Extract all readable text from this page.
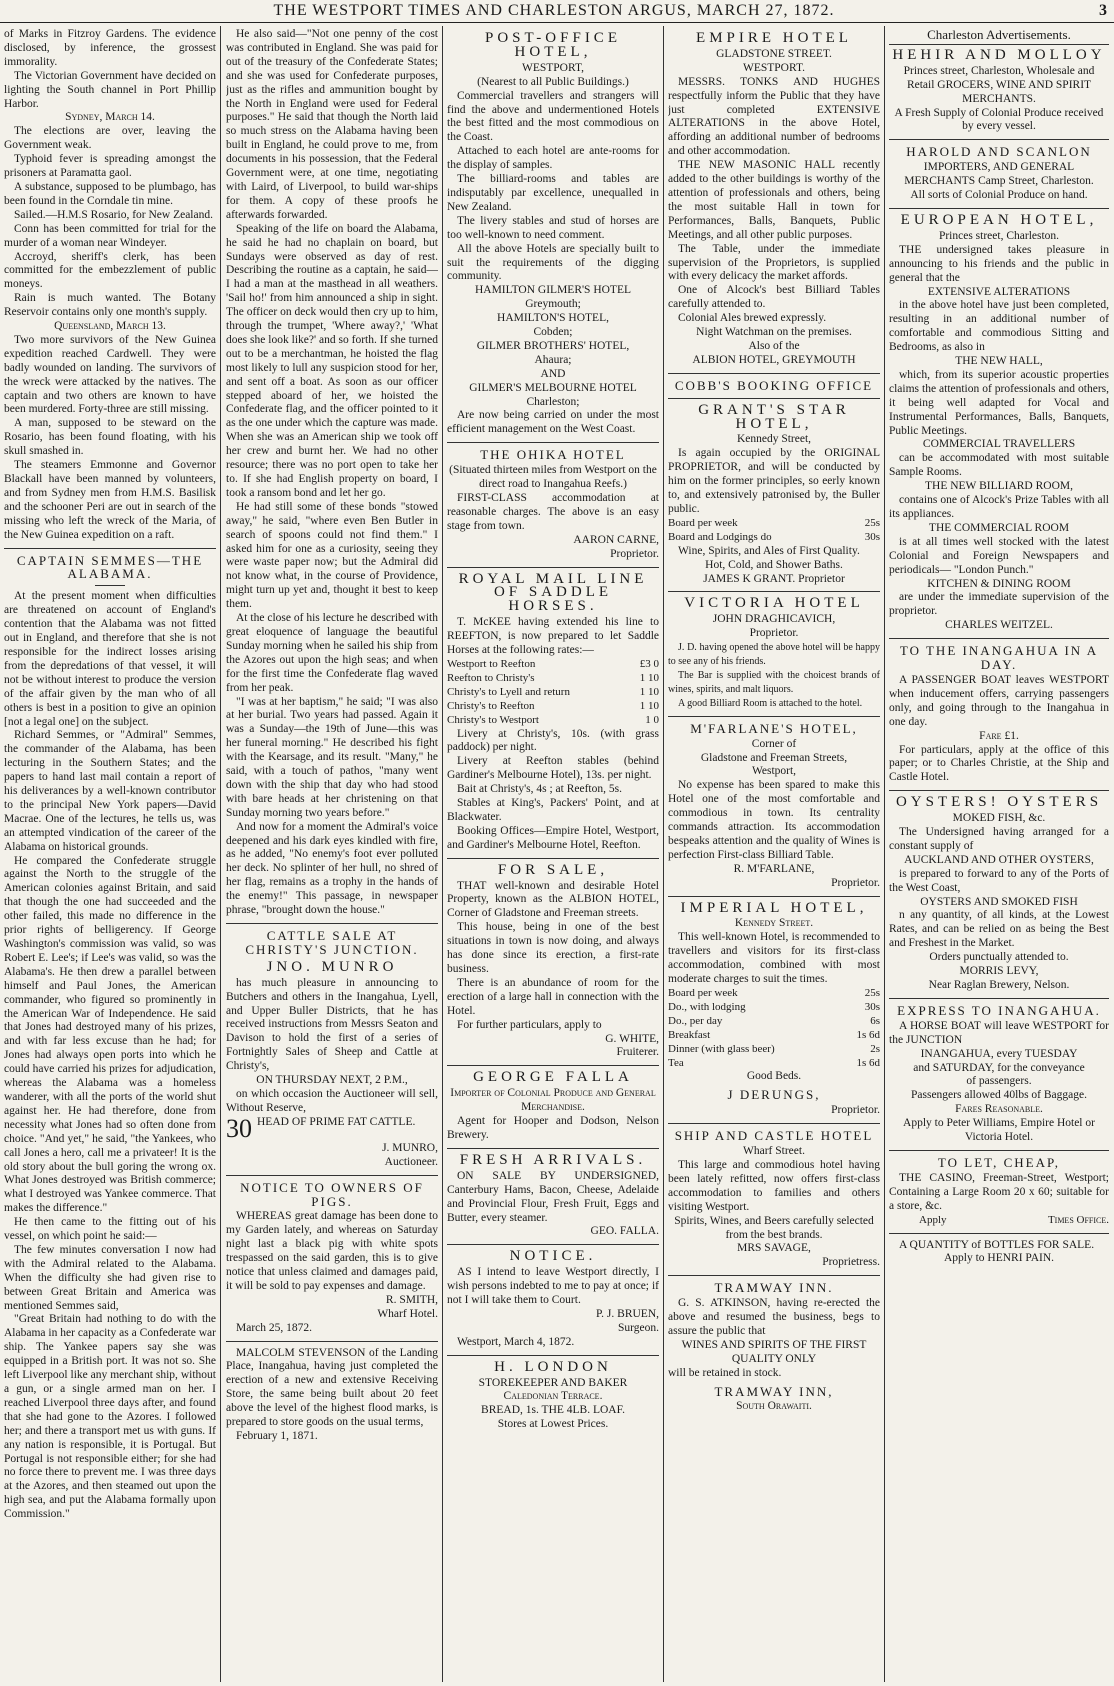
THE WESTPORT TIMES AND CHARLESTON ARGUS, MARCH 27, 1872.	3

of Marks in Fitzroy Gardens. The evidence disclosed, by inference, the grossest immorality.

The Victorian Government have decided on lighting the South channel in Port Phillip Harbor.

Sydney, March 14.

The elections are over, leaving the Government weak.

Typhoid fever is spreading amongst the prisoners at Paramatta gaol.

A substance, supposed to be plumbago, has been found in the Corndale tin mine.

Sailed.—H.M.S Rosario, for New Zealand.

Conn has been committed for trial for the murder of a woman near Windeyer.

Accroyd, sheriff's clerk, has been committed for the embezzlement of public moneys.

Rain is much wanted. The Botany Reservoir contains only one month's supply.

Queensland, March 13.

Two more survivors of the New Guinea expedition reached Cardwell. They were badly wounded on landing. The survivors of the wreck were attacked by the natives. The captain and two others are known to have been murdered. Forty-three are still missing.

A man, supposed to be steward on the Rosario, has been found floating, with his skull smashed in.

The steamers Emmonne and Governor Blackall have been manned by volunteers, and from Sydney men from H.M.S. Basilisk and the schooner Peri are out in search of the missing who left the wreck of the Maria, of the New Guinea expedition on a raft.

CAPTAIN SEMMES—THE ALABAMA.

At the present moment when difficulties are threatened on account of England's contention that the Alabama was not fitted out in England, and therefore that she is not responsible for the indirect losses arising from the depredations of that vessel, it will not be without interest to produce the version of the affair given by the man who of all others is best in a position to give an opinion [not a legal one] on the subject.

Richard Semmes, or "Admiral" Semmes, the commander of the Alabama, has been lecturing in the Southern States; and the papers to hand last mail contain a report of his deliverances by a well-known contributor to the principal New York papers—David Macrae. One of the lectures, he tells us, was an attempted vindication of the career of the Alabama on historical grounds.

He compared the Confederate struggle against the North to the struggle of the American colonies against Britain, and said that though the one had succeeded and the other failed, this made no difference in the prior rights of belligerency. If George Washington's commission was valid, so was Robert E. Lee's; if Lee's was valid, so was the Alabama's. He then drew a parallel between himself and Paul Jones, the American commander, who figured so prominently in the American War of Independence. He said that Jones had destroyed many of his prizes, and with far less excuse than he had; for Jones had always open ports into which he could have carried his prizes for adjudication, whereas the Alabama was a homeless wanderer, with all the ports of the world shut against her. He had therefore, done from necessity what Jones had so often done from choice. "And yet," he said, "the Yankees, who call Jones a hero, call me a privateer! It is the old story about the bull goring the wrong ox. What Jones destroyed was British commerce; what I destroyed was Yankee commerce. That makes the difference."

He then came to the fitting out of his vessel, on which point he said:—

The few minutes conversation I now had with the Admiral related to the Alabama. When the difficulty she had given rise to between Great Britain and America was mentioned Semmes said,

"Great Britain had nothing to do with the Alabama in her capacity as a Confederate war ship. The Yankee papers say she was equipped in a British port. It was not so. She left Liverpool like any merchant ship, without a gun, or a single armed man on her. I reached Liverpool three days after, and found that she had gone to the Azores. I followed her; and there a transport met us with guns. If any nation is responsible, it is Portugal. But Portugal is not responsible either; for she had no force there to prevent me. I was three days at the Azores, and then steamed out upon the high sea, and put the Alabama formally upon Commission."

He also said—"Not one penny of the cost was contributed in England. She was paid for out of the treasury of the Confederate States; and she was used for Confederate purposes, just as the rifles and ammunition bought by the North in England were used for Federal purposes." He said that though the North laid so much stress on the Alabama having been built in England, he could prove to me, from documents in his possession, that the Federal Government were, at one time, negotiating with Laird, of Liverpool, to build war-ships for them. A copy of these proofs he afterwards forwarded.

Speaking of the life on board the Alabama, he said he had no chaplain on board, but Sundays were observed as day of rest. Describing the routine as a captain, he said—I had a man at the masthead in all weathers. 'Sail ho!' from him announced a ship in sight. The officer on deck would then cry up to him, through the trumpet, 'Where away?,' 'What does she look like?' and so forth. If she turned out to be a merchantman, he hoisted the flag most likely to lull any suspicion stood for her, and sent off a boat. As soon as our officer stepped aboard of her, we hoisted the Confederate flag, and the officer pointed to it as the one under which the capture was made. When she was an American ship we took off her crew and burnt her. We had no other resource; there was no port open to take her to. If she had English property on board, I took a ransom bond and let her go.

He had still some of these bonds "stowed away," he said, "where even Ben Butler in search of spoons could not find them." I asked him for one as a curiosity, seeing they were waste paper now; but the Admiral did not know what, in the course of Providence, might turn up yet and, thought it best to keep them.

At the close of his lecture he described with great eloquence of language the beautiful Sunday morning when he sailed his ship from the Azores out upon the high seas; and when for the first time the Confederate flag waved from her peak.

"I was at her baptism," he said; "I was also at her burial. Two years had passed. Again it was a Sunday—the 19th of June—this was her funeral morning." He described his fight with the Kearsage, and its result. "Many," he said, with a touch of pathos, "many went down with the ship that day who had stood with bare heads at her christening on that Sunday morning two years before."

And now for a moment the Admiral's voice deepened and his dark eyes kindled with fire, as he added, "No enemy's foot ever polluted her deck. No splinter of her hull, no shred of her flag, remains as a trophy in the hands of the enemy!" This passage, in newspaper phrase, "brought down the house."

CATTLE SALE AT CHRISTY'S JUNCTION.

JNO. MUNRO

has much pleasure in announcing to Butchers and others in the Inangahua, Lyell, and Upper Buller Districts, that he has received instructions from Messrs Seaton and Davison to hold the first of a series of Fortnightly Sales of Sheep and Cattle at Christy's,

ON THURSDAY NEXT, 2 P.M.,

on which occasion the Auctioneer will sell, Without Reserve,

30 HEAD OF PRIME FAT CATTLE.

J. MUNRO,

Auctioneer.

NOTICE TO OWNERS OF PIGS.

WHEREAS great damage has been done to my Garden lately, and whereas on Saturday night last a black pig with white spots trespassed on the said garden, this is to give notice that unless claimed and damages paid, it will be sold to pay expenses and damage.

R. SMITH,

Wharf Hotel.

March 25, 1872.

MALCOLM STEVENSON of the Landing Place, Inangahua, having just completed the erection of a new and extensive Receiving Store, the same being built about 20 feet above the level of the highest flood marks, is prepared to store goods on the usual terms,

February 1, 1871.

POST-OFFICE HOTEL,

WESTPORT,

(Nearest to all Public Buildings.)

Commercial travellers and strangers will find the above and undermentioned Hotels the best fitted and the most commodious on the Coast.

Attached to each hotel are ante-rooms for the display of samples.

The billiard-rooms and tables are indisputably par excellence, unequalled in New Zealand.

The livery stables and stud of horses are too well-known to need comment.

All the above Hotels are specially built to suit the requirements of the digging community.

HAMILTON GILMER'S HOTEL

Greymouth;

HAMILTON'S HOTEL,

Cobden;

GILMER BROTHERS' HOTEL,

Ahaura;

AND

GILMER'S MELBOURNE HOTEL

Charleston;

Are now being carried on under the most efficient management on the West Coast.

THE OHIKA HOTEL

(Situated thirteen miles from Westport on the direct road to Inangahua Reefs.)

FIRST-CLASS accommodation at reasonable charges. The above is an easy stage from town.

AARON CARNE,

Proprietor.

ROYAL MAIL LINE OF SADDLE HORSES.

T. McKEE having extended his line to REEFTON, is now prepared to let Saddle Horses at the following rates:—

Westport to Reefton	£3 0
Reefton to Christy's	1 10
Christy's to Lyell and return	1 10
Christy's to Reefton	1 10
Christy's to Westport	1 0

Livery at Christy's, 10s. (with grass paddock) per night.

Livery at Reefton stables (behind Gardiner's Melbourne Hotel), 13s. per night.

Bait at Christy's, 4s ; at Reefton, 5s.

Stables at King's, Packers' Point, and at Blackwater.

Booking Offices—Empire Hotel, Westport, and Gardiner's Melbourne Hotel, Reefton.

FOR SALE,

THAT well-known and desirable Hotel Property, known as the ALBION HOTEL, Corner of Gladstone and Freeman streets.

This house, being in one of the best situations in town is now doing, and always has done since its erection, a first-rate business.

There is an abundance of room for the erection of a large hall in connection with the Hotel.

For further particulars, apply to

G. WHITE,

Fruiterer.

GEORGE FALLA

Importer of Colonial Produce and General Merchandise.

Agent for Hooper and Dodson, Nelson Brewery.

FRESH ARRIVALS.

ON SALE BY UNDERSIGNED, Canterbury Hams, Bacon, Cheese, Adelaide and Provincial Flour, Fresh Fruit, Eggs and Butter, every steamer.

GEO. FALLA.

NOTICE.

AS I intend to leave Westport directly, I wish persons indebted to me to pay at once; if not I will take them to Court.

P. J. BRUEN,

Surgeon.

Westport, March 4, 1872.

H. LONDON

STOREKEEPER AND BAKER

Caledonian Terrace.

BREAD, 1s. THE 4LB. LOAF.

Stores at Lowest Prices.

EMPIRE HOTEL

GLADSTONE STREET.

WESTPORT.

MESSRS. TONKS AND HUGHES respectfully inform the Public that they have just completed EXTENSIVE ALTERATIONS in the above Hotel, affording an additional number of bedrooms and other accommodation.

THE NEW MASONIC HALL recently added to the other buildings is worthy of the attention of professionals and others, being the most suitable Hall in town for Performances, Balls, Banquets, Public Meetings, and all other public purposes.

The Table, under the immediate supervision of the Proprietors, is supplied with every delicacy the market affords.

One of Alcock's best Billiard Tables carefully attended to.

Colonial Ales brewed expressly.

Night Watchman on the premises.

Also of the

ALBION HOTEL, GREYMOUTH

COBB'S BOOKING OFFICE

GRANT'S STAR HOTEL,

Kennedy Street,

Is again occupied by the ORIGINAL PROPRIETOR, and will be conducted by him on the former principles, so eerly known to, and extensively patronised by, the Buller public.

Board per week	25s
Board and Lodgings do	30s

Wine, Spirits, and Ales of First Quality.

Hot, Cold, and Shower Baths.

JAMES K GRANT. Proprietor

VICTORIA HOTEL

JOHN DRAGHICAVICH,

Proprietor.

J. D. having opened the above hotel will be happy to see any of his friends.

The Bar is supplied with the choicest brands of wines, spirits, and malt liquors.

A good Billiard Room is attached to the hotel.

M'FARLANE'S HOTEL,

Corner of

Gladstone and Freeman Streets,

Westport,

No expense has been spared to make this Hotel one of the most comfortable and commodious in town. Its centrality commands attraction. Its accommodation bespeaks attention and the quality of Wines is perfection First-class Billiard Table.

R. M'FARLANE,

Proprietor.

IMPERIAL HOTEL,

Kennedy Street.

This well-known Hotel, is recommended to travellers and visitors for its first-class accommodation, combined with most moderate charges to suit the times.

Board per week	25s
Do., with lodging	30s
Do., per day	6s
Breakfast	1s 6d
Dinner (with glass beer)	2s
Tea	1s 6d

Good Beds.

J DERUNGS,

Proprietor.

SHIP AND CASTLE HOTEL

Wharf Street.

This large and commodious hotel having been lately refitted, now offers first-class accommodation to families and others visiting Westport.

Spirits, Wines, and Beers carefully selected from the best brands.

MRS SAVAGE,

Proprietress.

TRAMWAY INN.

G. S. ATKINSON, having re-erected the above and resumed the business, begs to assure the public that

WINES AND SPIRITS OF THE FIRST QUALITY ONLY

will be retained in stock.

TRAMWAY INN,

South Orawaiti.

Charleston Advertisements.

HEHIR AND MOLLOY

Princes street, Charleston, Wholesale and Retail GROCERS, WINE AND SPIRIT MERCHANTS.

A Fresh Supply of Colonial Produce received by every vessel.

HAROLD AND SCANLON

IMPORTERS, AND GENERAL MERCHANTS Camp Street, Charleston.

All sorts of Colonial Produce on hand.

EUROPEAN HOTEL,

Princes street, Charleston.

THE undersigned takes pleasure in announcing to his friends and the public in general that the

EXTENSIVE ALTERATIONS

in the above hotel have just been completed, resulting in an additional number of comfortable and commodious Sitting and Bedrooms, as also in

THE NEW HALL,

which, from its superior acoustic properties claims the attention of professionals and others, it being well adapted for Vocal and Instrumental Performances, Balls, Banquets, Public Meetings.

COMMERCIAL TRAVELLERS

can be accommodated with most suitable Sample Rooms.

THE NEW BILLIARD ROOM,

contains one of Alcock's Prize Tables with all its appliances.

THE COMMERCIAL ROOM

is at all times well stocked with the latest Colonial and Foreign Newspapers and periodicals— "London Punch."

KITCHEN & DINING ROOM

are under the immediate supervision of the proprietor.

CHARLES WEITZEL.

TO THE INANGAHUA IN A DAY.

A PASSENGER BOAT leaves WESTPORT when inducement offers, carrying passengers only, and going through to the Inangahua in one day.

Fare £1.

For particulars, apply at the office of this paper; or to Charles Christie, at the Ship and Castle Hotel.

OYSTERS! OYSTERS

MOKED FISH, &c.

The Undersigned having arranged for a constant supply of

AUCKLAND AND OTHER OYSTERS,

is prepared to forward to any of the Ports of the West Coast,

OYSTERS AND SMOKED FISH

n any quantity, of all kinds, at the Lowest Rates, and can be relied on as being the Best and Freshest in the Market.

Orders punctually attended to.

MORRIS LEVY,

Near Raglan Brewery, Nelson.

EXPRESS TO INANGAHUA.

A HORSE BOAT will leave WESTPORT for the JUNCTION

INANGAHUA, every TUESDAY

and SATURDAY, for the conveyance

of passengers.

Passengers allowed 40lbs of Baggage.

Fares Reasonable.

Apply to Peter Williams, Empire Hotel or Victoria Hotel.

TO LET, CHEAP,

THE CASINO, Freeman-Street, Westport; Containing a Large Room 20 x 60; suitable for a store, &c.

Apply	Times Office.

A QUANTITY of BOTTLES FOR SALE.

Apply to HENRI PAIN.
